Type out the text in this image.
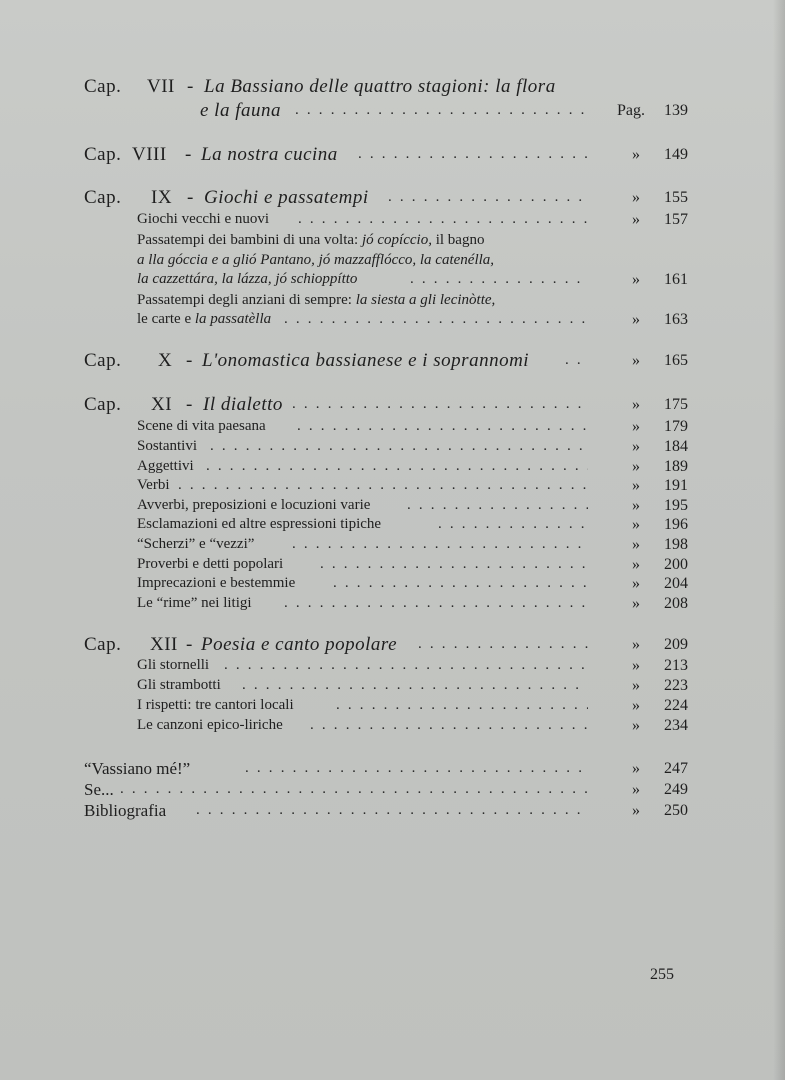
Cap. VII - La Bassiano delle quattro stagioni: la flora
e la fauna . . .	Pag.	139
Cap. VIII - La nostra cucina . . .	»	149
Cap. IX - Giochi e passatempi . . .	»	155
Giochi vecchi e nuovi . . .	»	157
Passatempi dei bambini di una volta: jó copíccio, il bagno
a lla góccia e a glió Pantano, jó mazzafflócco, la catenélla,
la cazzettára, la lázza, jó schioppítto . . .	»	161
Passatempi degli anziani di sempre: la siesta a gli lecinòtte,
le carte e la passatèlla . . .	»	163
Cap. X - L'onomastica bassianese e i soprannomi . . .	»	165
Cap. XI - Il dialetto . . .	»	175
Scene di vita paesana . . .	»	179
Sostantivi . . .	»	184
Aggettivi . . .	»	189
Verbi . . .	»	191
Avverbi, preposizioni e locuzioni varie . . .	»	195
Esclamazioni ed altre espressioni tipiche . . .	»	196
“Scherzi” e “vezzi” . . .	»	198
Proverbi e detti popolari . . .	»	200
Imprecazioni e bestemmie . . .	»	204
Le “rime” nei litigi . . .	»	208
Cap. XII - Poesia e canto popolare . . .	»	209
Gli stornelli . . .	»	213
Gli strambotti . . .	»	223
I rispetti: tre cantori locali . . .	»	224
Le canzoni epico-liriche . . .	»	234
“Vassiano mé!” . . .	»	247
Se... . . .	»	249
Bibliografia . . .	»	250
255
